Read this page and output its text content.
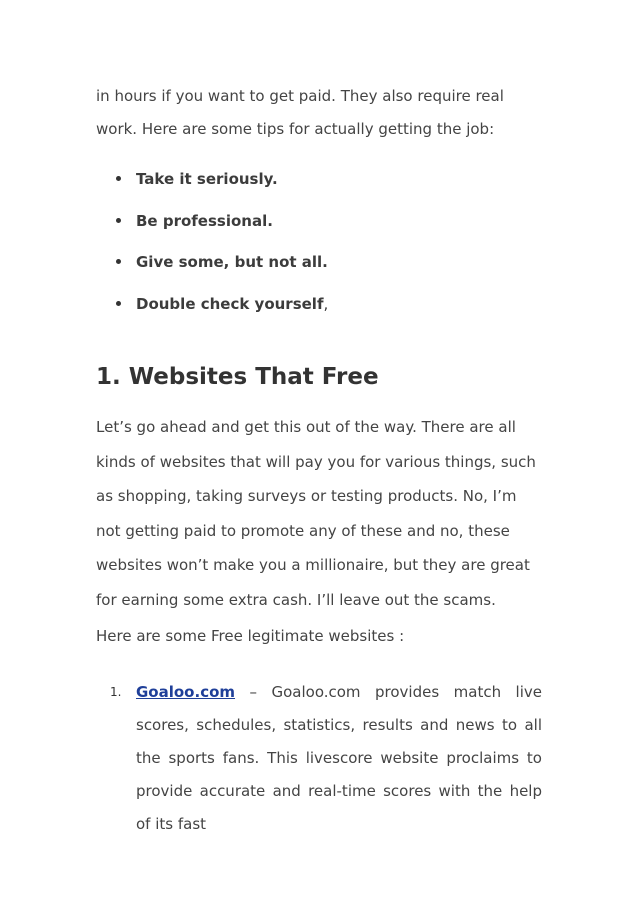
in hours if you want to get paid. They also require real work. Here are some tips for actually getting the job:

Take it seriously.
Be professional.
Give some, but not all.
Double check yourself,
1. Websites That Free

Let’s go ahead and get this out of the way. There are all kinds of websites that will pay you for various things, such as shopping, taking surveys or testing products. No, I’m not getting paid to promote any of these and no, these websites won’t make you a millionaire, but they are great for earning some extra cash. I’ll leave out the scams.

Here are some Free legitimate websites :

1. Goaloo.com – Goaloo.com provides match live scores, schedules, statistics, results and news to all the sports fans. This livescore website proclaims to provide accurate and real-time scores with the help of its fast
